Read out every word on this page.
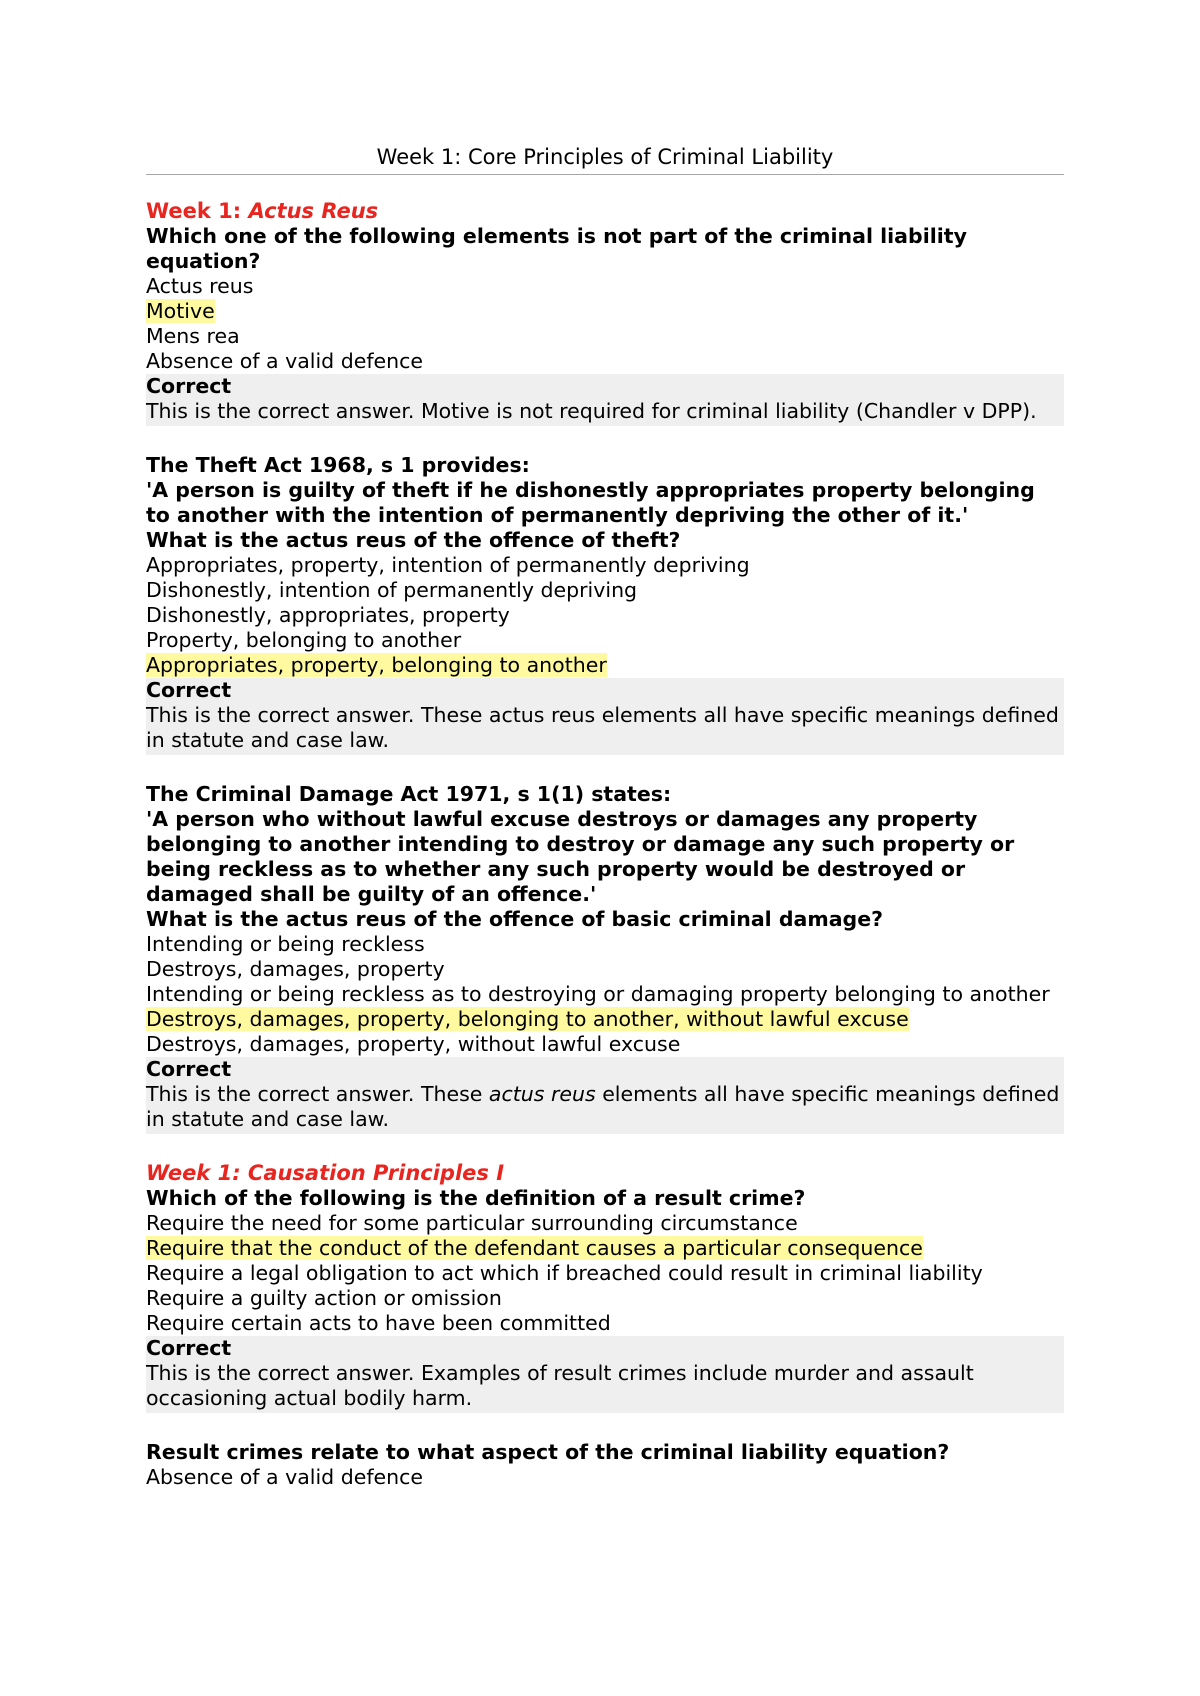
Week 1: Core Principles of Criminal Liability
Week 1: Actus Reus
Which one of the following elements is not part of the criminal liability equation?
Actus reus
Motive
Mens rea
Absence of a valid defence
Correct
This is the correct answer. Motive is not required for criminal liability (Chandler v DPP).
The Theft Act 1968, s 1 provides:
'A person is guilty of theft if he dishonestly appropriates property belonging to another with the intention of permanently depriving the other of it.'
What is the actus reus of the offence of theft?
Appropriates, property, intention of permanently depriving
Dishonestly, intention of permanently depriving
Dishonestly, appropriates, property
Property, belonging to another
Appropriates, property, belonging to another
Correct
This is the correct answer. These actus reus elements all have specific meanings defined in statute and case law.
The Criminal Damage Act 1971, s 1(1) states:
'A person who without lawful excuse destroys or damages any property belonging to another intending to destroy or damage any such property or being reckless as to whether any such property would be destroyed or damaged shall be guilty of an offence.'
What is the actus reus of the offence of basic criminal damage?
Intending or being reckless
Destroys, damages, property
Intending or being reckless as to destroying or damaging property belonging to another
Destroys, damages, property, belonging to another, without lawful excuse
Destroys, damages, property, without lawful excuse
Correct
This is the correct answer. These actus reus elements all have specific meanings defined in statute and case law.
Week 1: Causation Principles I
Which of the following is the definition of a result crime?
Require the need for some particular surrounding circumstance
Require that the conduct of the defendant causes a particular consequence
Require a legal obligation to act which if breached could result in criminal liability
Require a guilty action or omission
Require certain acts to have been committed
Correct
This is the correct answer. Examples of result crimes include murder and assault occasioning actual bodily harm.
Result crimes relate to what aspect of the criminal liability equation?
Absence of a valid defence
